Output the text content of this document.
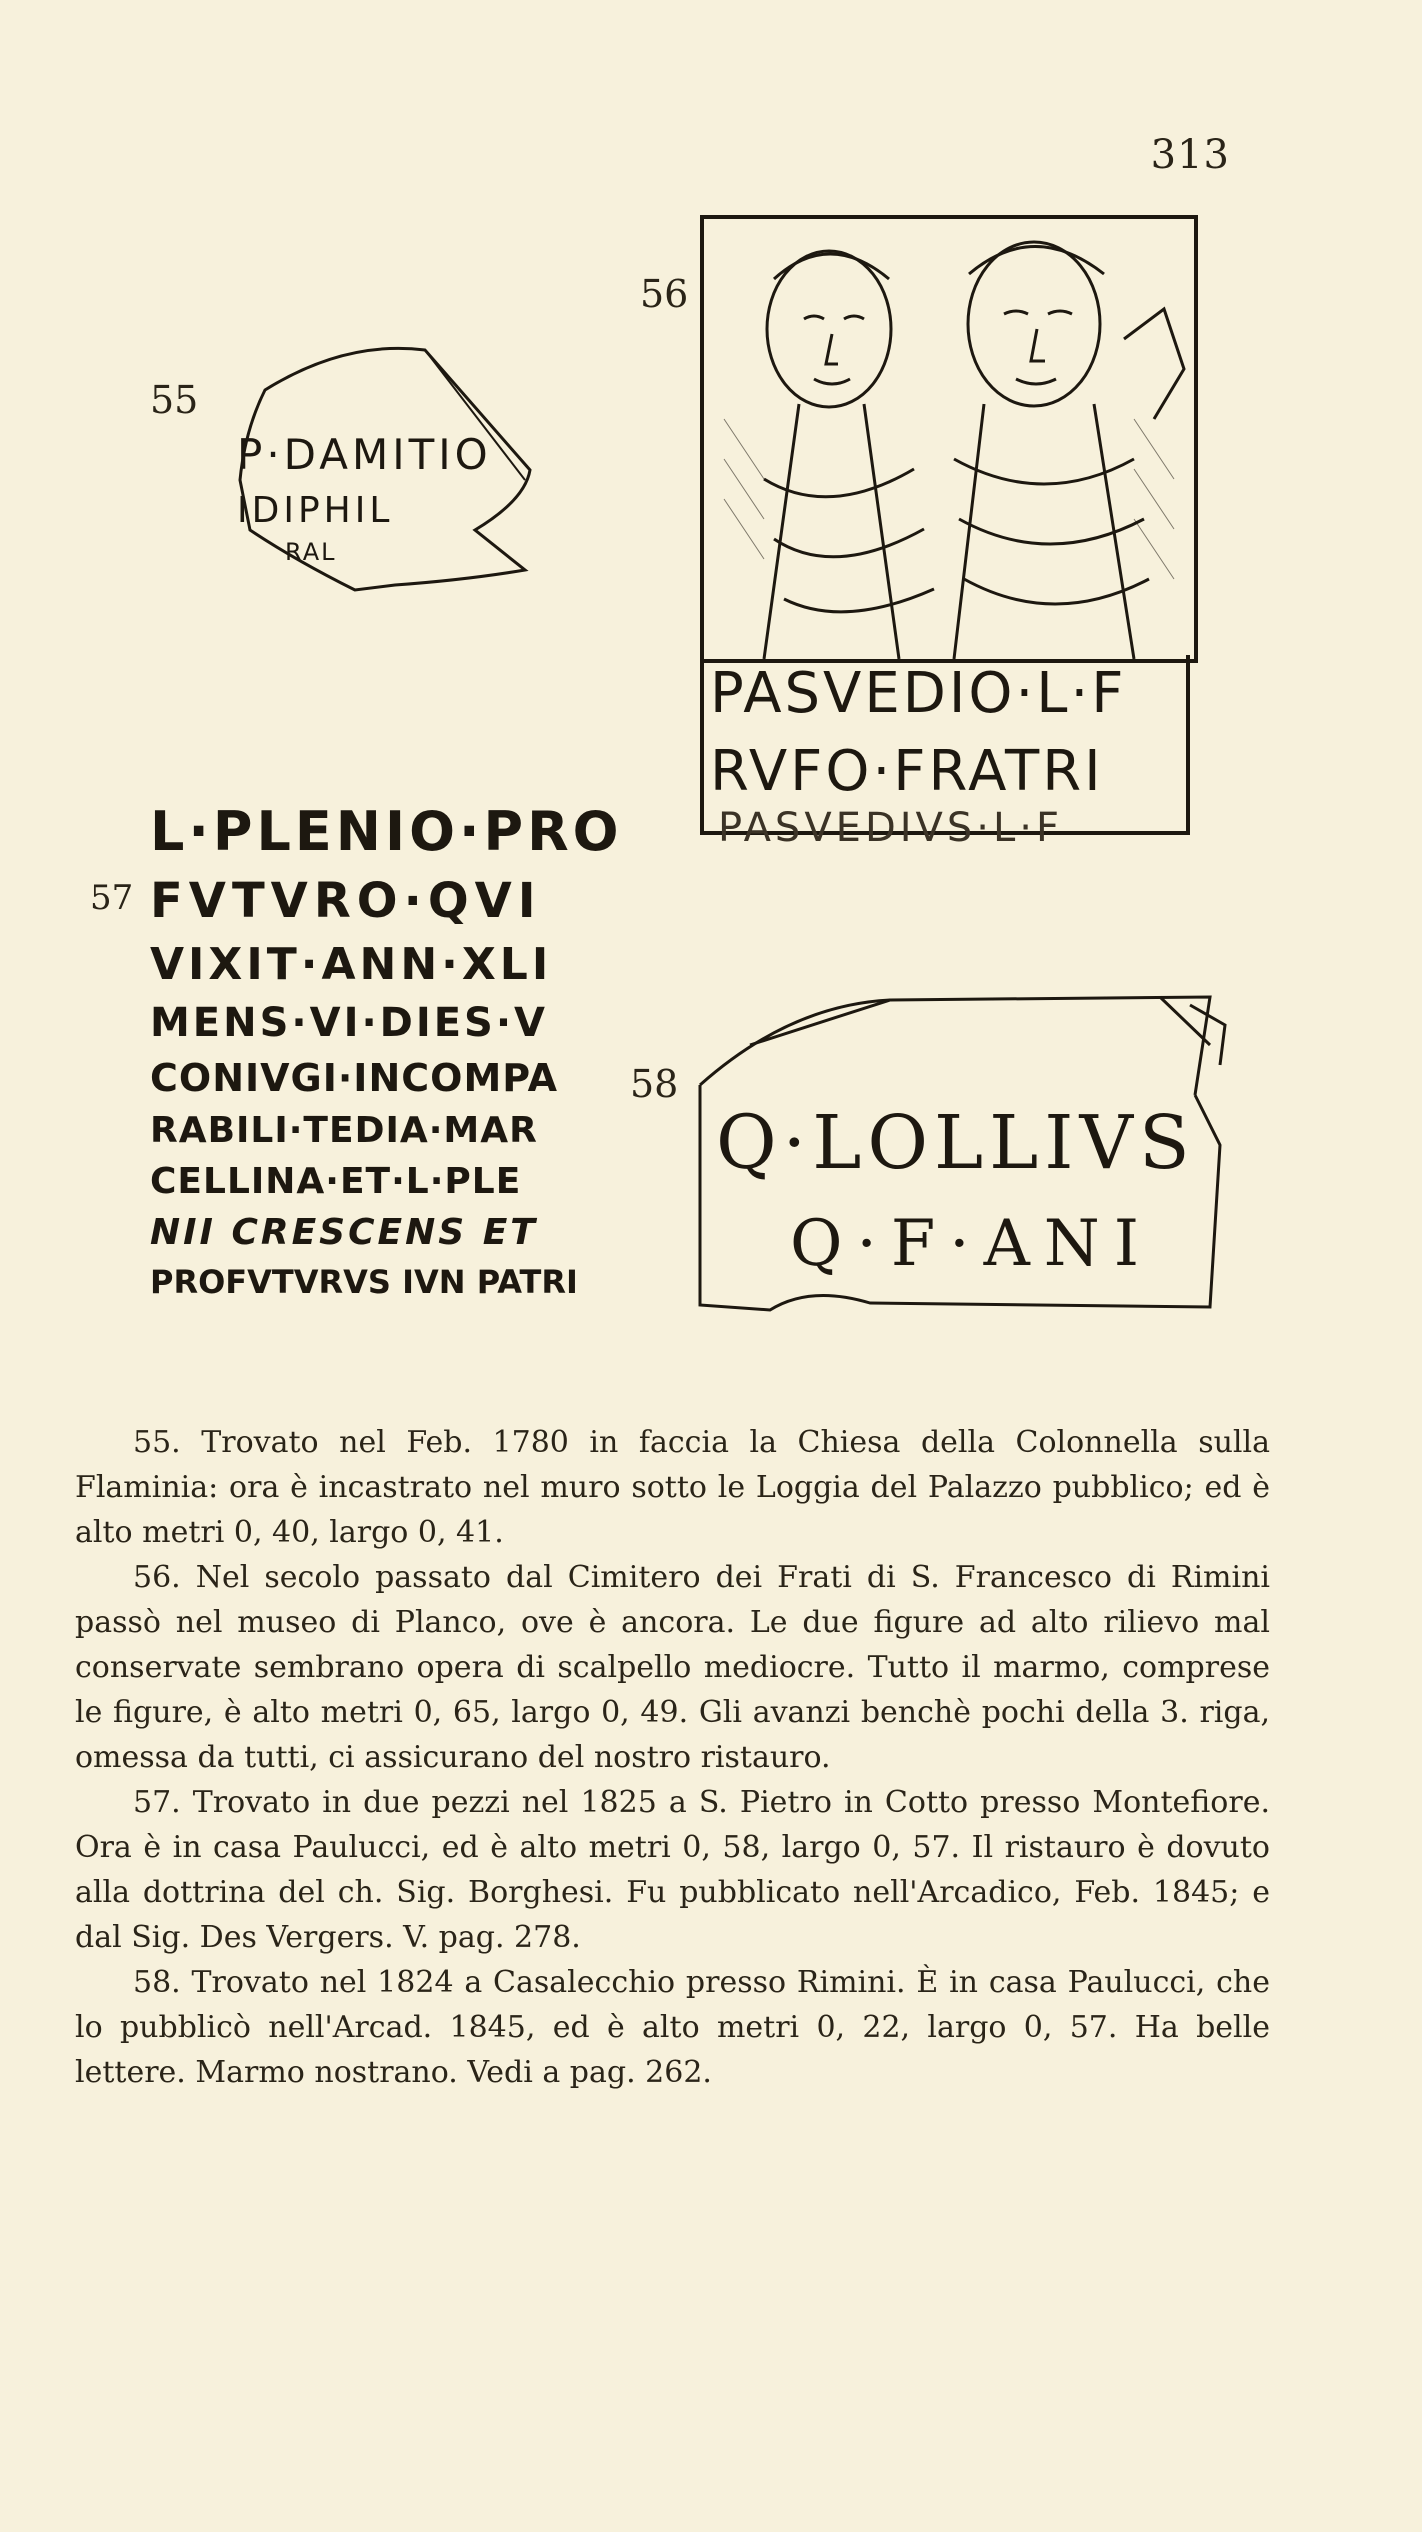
313
55
56
57
58
P·DAMITIO
IDIPHIL
RAL
PASVEDIO·L·F
RVFO·FRATRI
PASVEDIVS·L·F
L·PLENIO·PRO
FVTVRO·QVI
VIXIT·ANN·XLI
MENS·VI·DIES·V
CONIVGI·INCOMPA
RABILI·TEDIA·MAR
CELLINA·ET·L·PLE
NII CRESCENS ET
PROFVTVRVS IVN PATRI
Q·LOLLIVS
Q·F·ANI

55. Trovato nel Feb. 1780 in faccia la Chiesa della Colonnella sulla Flaminia: ora è incastrato nel muro sotto le Loggia del Palazzo pubblico; ed è alto metri 0, 40, largo 0, 41.

56. Nel secolo passato dal Cimitero dei Frati di S. Francesco di Rimini passò nel museo di Planco, ove è ancora. Le due figure ad alto rilievo mal conservate sembrano opera di scalpello mediocre. Tutto il marmo, comprese le figure, è alto metri 0, 65, largo 0, 49. Gli avanzi benchè pochi della 3. riga, omessa da tutti, ci assicurano del nostro ristauro.

57. Trovato in due pezzi nel 1825 a S. Pietro in Cotto presso Montefiore. Ora è in casa Paulucci, ed è alto metri 0, 58, largo 0, 57. Il ristauro è dovuto alla dottrina del ch. Sig. Borghesi. Fu pubblicato nell'Arcadico, Feb. 1845; e dal Sig. Des Vergers. V. pag. 278.

58. Trovato nel 1824 a Casalecchio presso Rimini. È in casa Paulucci, che lo pubblicò nell'Arcad. 1845, ed è alto metri 0, 22, largo 0, 57. Ha belle lettere. Marmo nostrano. Vedi a pag. 262.
